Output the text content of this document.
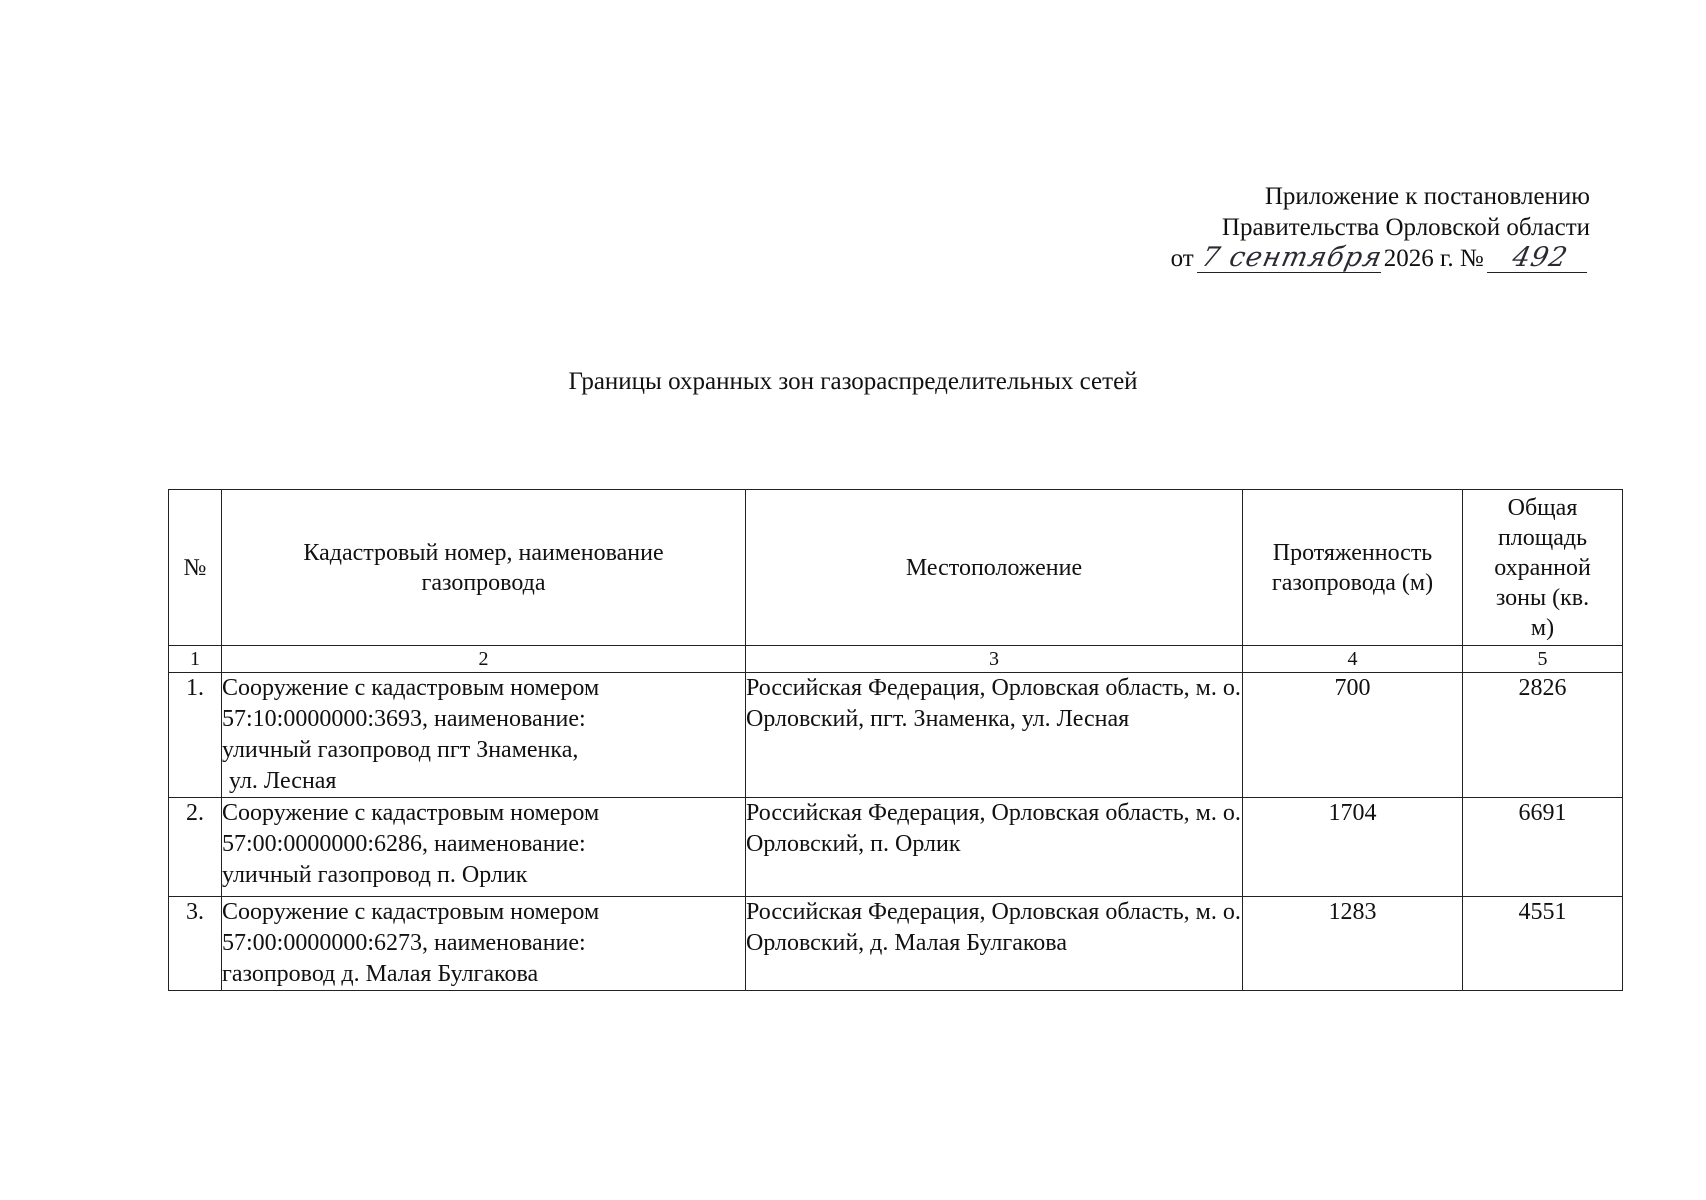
Приложение к постановлению
Правительства Орловской области
от 7 сентября2026 г. № 492
Границы охранных зон газораспределительных сетей
№	Кадастровый номер, наименование газопровода	Местоположение	Протяженность газопровода (м)	Общая площадь охранной зоны (кв. м)
1	2	3	4	5
1.	Сооружение с кадастровым номером
57:10:0000000:3693, наименование:
уличный газопровод пгт Знаменка,
ул. Лесная	Российская Федерация, Орловская область, м. о. Орловский, пгт. Знаменка, ул. Лесная	700	2826
2.	Сооружение с кадастровым номером
57:00:0000000:6286, наименование:
уличный газопровод п. Орлик	Российская Федерация, Орловская область, м. о. Орловский, п. Орлик	1704	6691
3.	Сооружение с кадастровым номером
57:00:0000000:6273, наименование:
газопровод д. Малая Булгакова	Российская Федерация, Орловская область, м. о. Орловский, д. Малая Булгакова	1283	4551
